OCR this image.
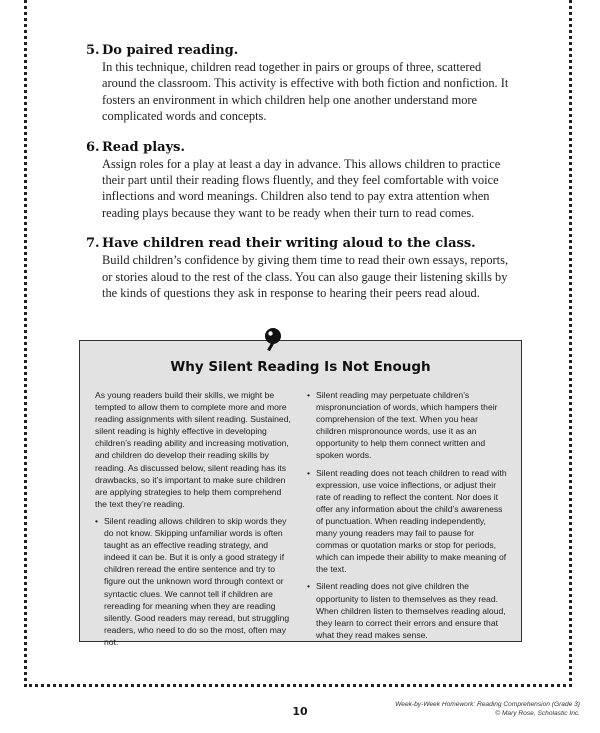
5. Do paired reading.
In this technique, children read together in pairs or groups of three, scattered around the classroom. This activity is effective with both fiction and nonfiction. It fosters an environment in which children help one another understand more complicated words and concepts.
6. Read plays.
Assign roles for a play at least a day in advance. This allows children to practice their part until their reading flows fluently, and they feel comfortable with voice inflections and word meanings. Children also tend to pay extra attention when reading plays because they want to be ready when their turn to read comes.
7. Have children read their writing aloud to the class.
Build children’s confidence by giving them time to read their own essays, reports, or stories aloud to the rest of the class. You can also gauge their listening skills by the kinds of questions they ask in response to hearing their peers read aloud.
Why Silent Reading Is Not Enough

As young readers build their skills, we might be tempted to allow them to complete more and more reading assignments with silent reading. Sustained, silent reading is highly effective in developing children’s reading ability and increasing motivation, and children do develop their reading skills by reading. As discussed below, silent reading has its drawbacks, so it’s important to make sure children are applying strategies to help them comprehend the text they’re reading.

• Silent reading allows children to skip words they do not know. Skipping unfamiliar words is often taught as an effective reading strategy, and indeed it can be. But it is only a good strategy if children reread the entire sentence and try to figure out the unknown word through context or syntactic clues. We cannot tell if children are rereading for meaning when they are reading silently. Good readers may reread, but struggling readers, who need to do so the most, often may not.
• Silent reading may perpetuate children’s mispronunciation of words, which hampers their comprehension of the text. When you hear children mispronounce words, use it as an opportunity to help them connect written and spoken words.
• Silent reading does not teach children to read with expression, use voice inflections, or adjust their rate of reading to reflect the content. Nor does it offer any information about the child’s awareness of punctuation. When reading independently, many young readers may fail to pause for commas or quotation marks or stop for periods, which can impede their ability to make meaning of the text.
• Silent reading does not give children the opportunity to listen to themselves as they read. When children listen to themselves reading aloud, they learn to correct their errors and ensure that what they read makes sense.
10
Week-by-Week Homework: Reading Comprehension (Grade 3)
© Mary Rose, Scholastic Inc.
